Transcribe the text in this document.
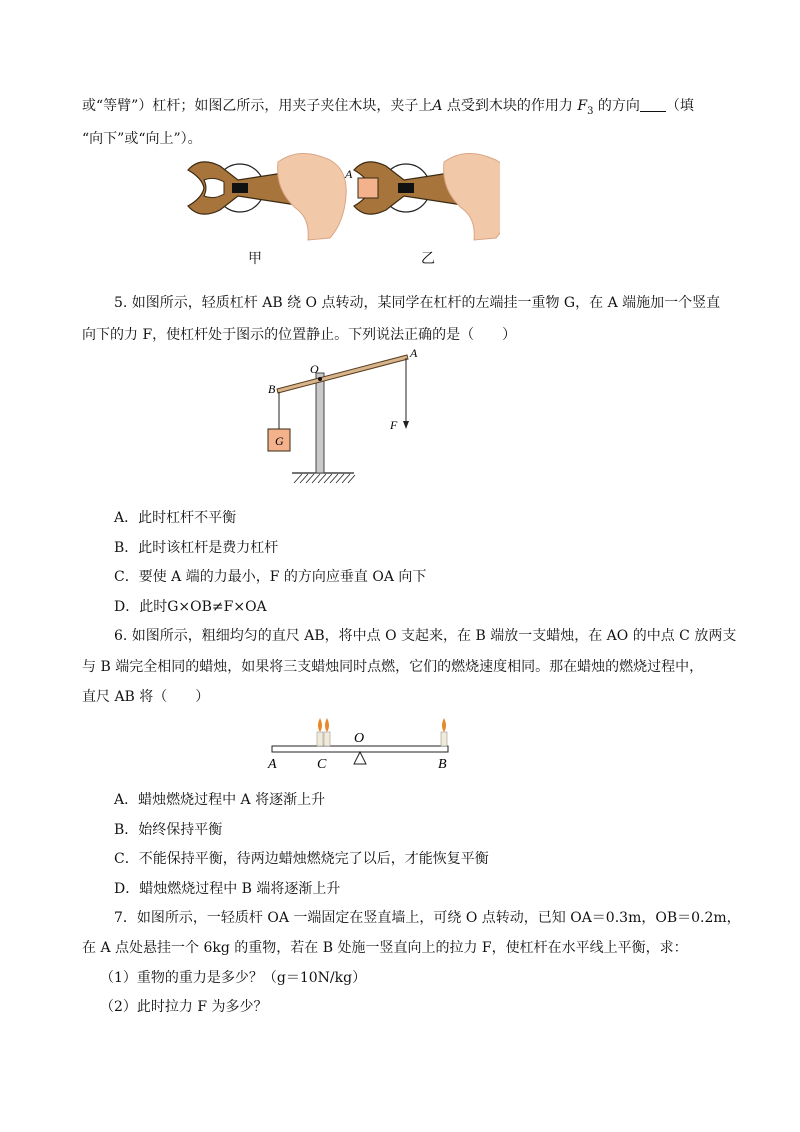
或“等臂”）杠杆；如图乙所示，用夹子夹住木块，夹子上A 点受到木块的作用力 $F_3$ 的方向 （填
“向下”或“向上”）。
A
甲	乙
5. 如图所示，轻质杠杆 AB 绕 O 点转动，某同学在杠杆的左端挂一重物 G，在 A 端施加一个竖直
向下的力 F，使杠杆处于图示的位置静止。下列说法正确的是（　　）
G
O
A
B
F
A．此时杠杆不平衡
B．此时该杠杆是费力杠杆
C．要使 A 端的力最小，F 的方向应垂直 OA 向下
D．此时G×OB≠F×OA
6. 如图所示，粗细均匀的直尺 AB，将中点 O 支起来，在 B 端放一支蜡烛，在 AO 的中点 C 放两支
与 B 端完全相同的蜡烛，如果将三支蜡烛同时点燃，它们的燃烧速度相同。那在蜡烛的燃烧过程中，
直尺 AB 将（　　）
O
A	C	B
A．蜡烛燃烧过程中 A 将逐渐上升
B．始终保持平衡
C．不能保持平衡，待两边蜡烛燃烧完了以后，才能恢复平衡
D．蜡烛燃烧过程中 B 端将逐渐上升
7．如图所示，一轻质杆 OA 一端固定在竖直墙上，可绕 O 点转动，已知 OA＝0.3m，OB＝0.2m，
在 A 点处悬挂一个 6kg 的重物，若在 B 处施一竖直向上的拉力 F，使杠杆在水平线上平衡，求：
（1）重物的重力是多少？（g＝10N/kg）
（2）此时拉力 F 为多少？
